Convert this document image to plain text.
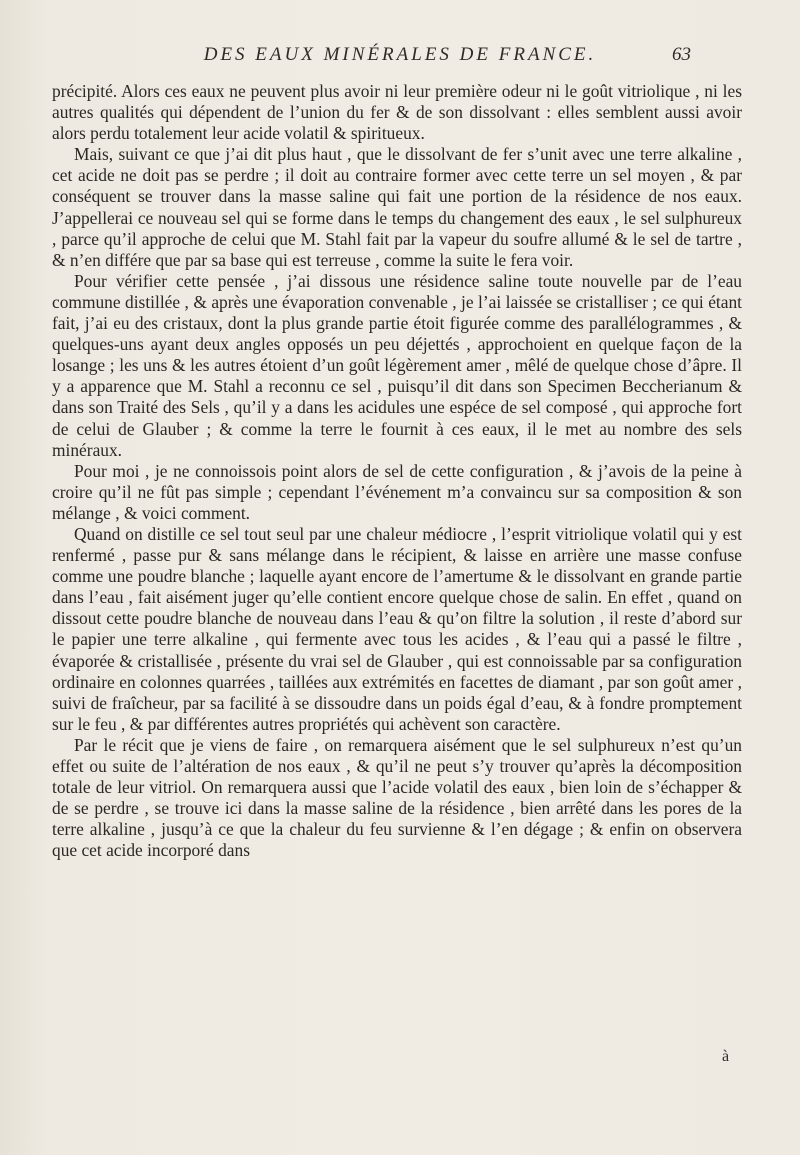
DES EAUX MINÉRALES DE FRANCE.	63

précipité. Alors ces eaux ne peuvent plus avoir ni leur première odeur ni le goût vitriolique , ni les autres qualités qui dépendent de l’union du fer & de son dissolvant : elles semblent aussi avoir alors perdu totalement leur acide volatil & spiritueux.

Mais, suivant ce que j’ai dit plus haut , que le dissolvant de fer s’unit avec une terre alkaline , cet acide ne doit pas se perdre ; il doit au contraire former avec cette terre un sel moyen , & par conséquent se trouver dans la masse saline qui fait une portion de la résidence de nos eaux. J’appellerai ce nouveau sel qui se forme dans le temps du changement des eaux , le sel sulphureux , parce qu’il approche de celui que M. Stahl fait par la vapeur du soufre allumé & le sel de tartre , & n’en différe que par sa base qui est terreuse , comme la suite le fera voir.

Pour vérifier cette pensée , j’ai dissous une résidence saline toute nouvelle par de l’eau commune distillée , & après une évaporation convenable , je l’ai laissée se cristalliser ; ce qui étant fait, j’ai eu des cristaux, dont la plus grande partie étoit figurée comme des parallélogrammes , & quelques-uns ayant deux angles opposés un peu déjettés , approchoient en quelque façon de la losange ; les uns & les autres étoient d’un goût légèrement amer , mêlé de quelque chose d’âpre. Il y a apparence que M. Stahl a reconnu ce sel , puisqu’il dit dans son Specimen Beccherianum & dans son Traité des Sels , qu’il y a dans les acidules une espéce de sel composé , qui approche fort de celui de Glauber ; & comme la terre le fournit à ces eaux, il le met au nombre des sels minéraux.

Pour moi , je ne connoissois point alors de sel de cette configuration , & j’avois de la peine à croire qu’il ne fût pas simple ; cependant l’événement m’a convaincu sur sa composition & son mélange , & voici comment.

Quand on distille ce sel tout seul par une chaleur médiocre , l’esprit vitriolique volatil qui y est renfermé , passe pur & sans mélange dans le récipient, & laisse en arrière une masse confuse comme une poudre blanche ; laquelle ayant encore de l’amertume & le dissolvant en grande partie dans l’eau , fait aisément juger qu’elle contient encore quelque chose de salin. En effet , quand on dissout cette poudre blanche de nouveau dans l’eau & qu’on filtre la solution , il reste d’abord sur le papier une terre alkaline , qui fermente avec tous les acides , & l’eau qui a passé le filtre , évaporée & cristallisée , présente du vrai sel de Glauber , qui est connoissable par sa configuration ordinaire en colonnes quarrées , taillées aux extrémités en facettes de diamant , par son goût amer , suivi de fraîcheur, par sa facilité à se dissoudre dans un poids égal d’eau, & à fondre promptement sur le feu , & par différentes autres propriétés qui achèvent son caractère.

Par le récit que je viens de faire , on remarquera aisément que le sel sulphureux n’est qu’un effet ou suite de l’altération de nos eaux , & qu’il ne peut s’y trouver qu’après la décomposition totale de leur vitriol. On remarquera aussi que l’acide volatil des eaux , bien loin de s’échapper & de se perdre , se trouve ici dans la masse saline de la résidence , bien arrêté dans les pores de la terre alkaline , jusqu’à ce que la chaleur du feu survienne & l’en dégage ; & enfin on observera que cet acide incorporé dans

à
